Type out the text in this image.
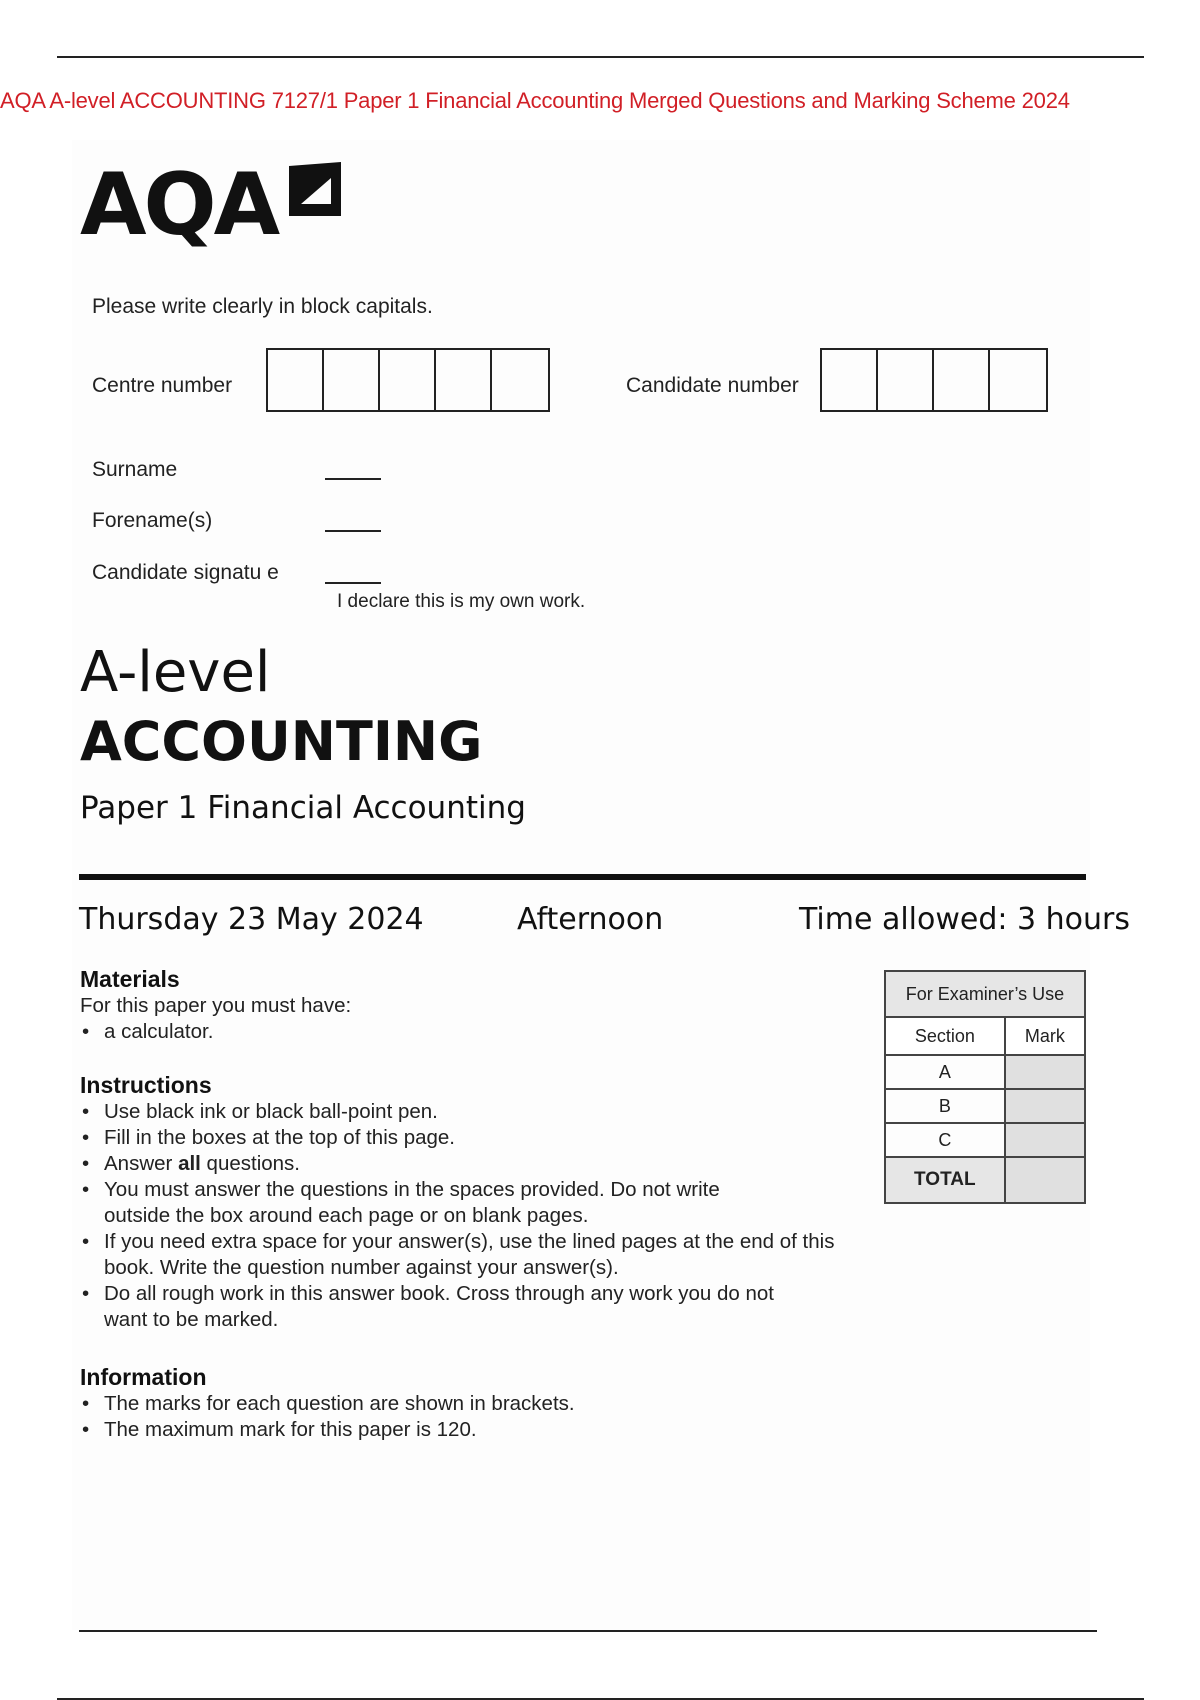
AQA A-level ACCOUNTING 7127/1 Paper 1 Financial Accounting Merged Questions and Marking Scheme 2024
AQA
Please write clearly in block capitals.
Centre number	Candidate number
Surname
Forename(s)
Candidate signatu e
I declare this is my own work.
A-level
ACCOUNTING
Paper 1 Financial Accounting
Thursday 23 May 2024	Afternoon	Time allowed: 3 hours
Materials
For this paper you must have:
• a calculator.
Instructions
• Use black ink or black ball-point pen.
• Fill in the boxes at the top of this page.
• Answer all questions.
• You must answer the questions in the spaces provided. Do not write outside the box around each page or on blank pages.
• If you need extra space for your answer(s), use the lined pages at the end of this book. Write the question number against your answer(s).
• Do all rough work in this answer book. Cross through any work you do not want to be marked.
Information
• The marks for each question are shown in brackets.
• The maximum mark for this paper is 120.
For Examiner’s Use	
Section	Mark
A	
B	
C	
TOTAL	
